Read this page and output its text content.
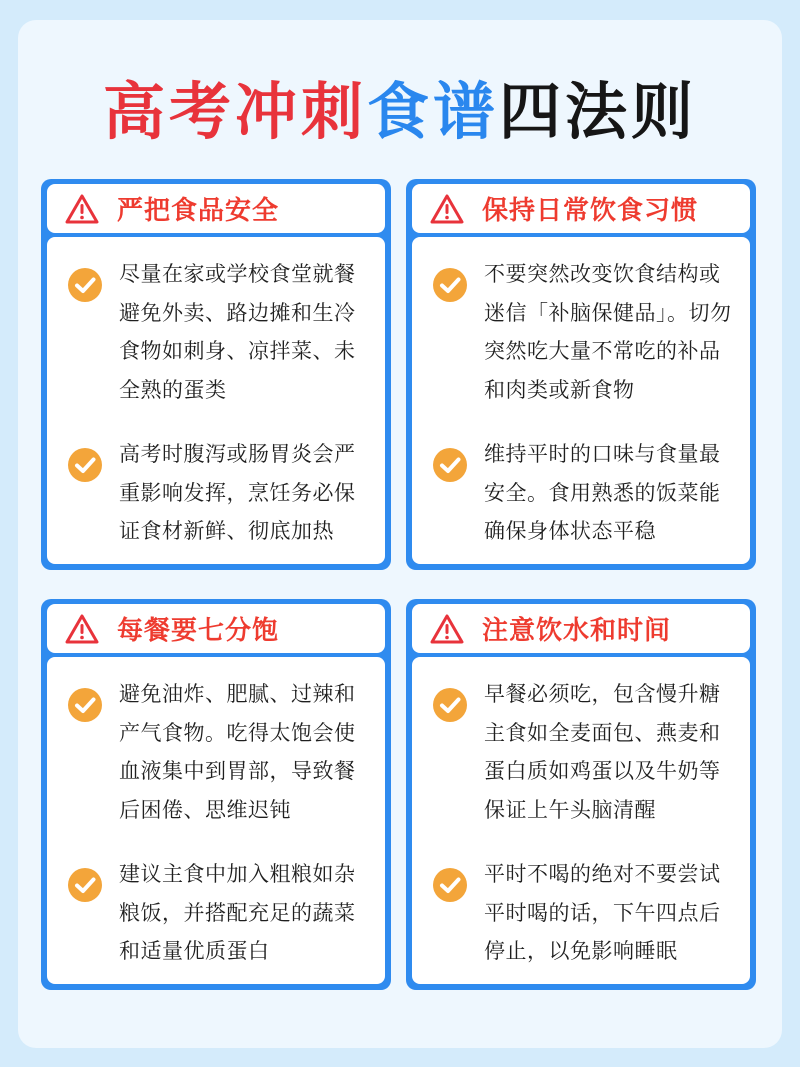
高考冲刺食谱四法则
严把食品安全
尽量在家或学校食堂就餐避免外卖、路边摊和生冷食物如刺身、凉拌菜、未全熟的蛋类
高考时腹泻或肠胃炎会严重影响发挥，烹饪务必保证食材新鲜、彻底加热
保持日常饮食习惯
不要突然改变饮食结构或迷信「补脑保健品」。切勿突然吃大量不常吃的补品和肉类或新食物
维持平时的口味与食量最安全。食用熟悉的饭菜能确保身体状态平稳
每餐要七分饱
避免油炸、肥腻、过辣和产气食物。吃得太饱会使血液集中到胃部，导致餐后困倦、思维迟钝
建议主食中加入粗粮如杂粮饭，并搭配充足的蔬菜和适量优质蛋白
注意饮水和时间
早餐必须吃，包含慢升糖主食如全麦面包、燕麦和蛋白质如鸡蛋以及牛奶等保证上午头脑清醒
平时不喝的绝对不要尝试平时喝的话，下午四点后停止，以免影响睡眠
